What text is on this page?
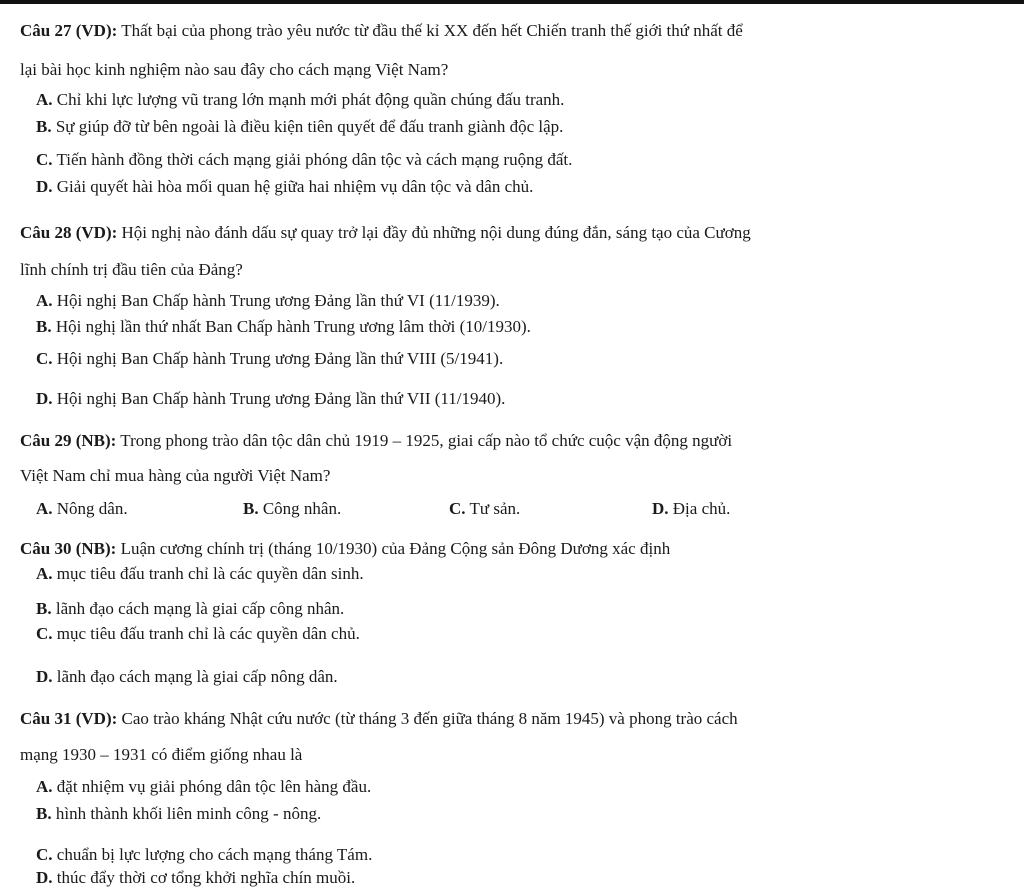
Câu 27 (VD): Thất bại của phong trào yêu nước từ đầu thế kỉ XX đến hết Chiến tranh thế giới thứ nhất để
lại bài học kinh nghiệm nào sau đây cho cách mạng Việt Nam?
A. Chỉ khi lực lượng vũ trang lớn mạnh mới phát động quần chúng đấu tranh.
B. Sự giúp đỡ từ bên ngoài là điều kiện tiên quyết để đấu tranh giành độc lập.
C. Tiến hành đồng thời cách mạng giải phóng dân tộc và cách mạng ruộng đất.
D. Giải quyết hài hòa mối quan hệ giữa hai nhiệm vụ dân tộc và dân chủ.
Câu 28 (VD): Hội nghị nào đánh dấu sự quay trở lại đầy đủ những nội dung đúng đắn, sáng tạo của Cương
lĩnh chính trị đầu tiên của Đảng?
A. Hội nghị Ban Chấp hành Trung ương Đảng lần thứ VI (11/1939).
B. Hội nghị lần thứ nhất Ban Chấp hành Trung ương lâm thời (10/1930).
C. Hội nghị Ban Chấp hành Trung ương Đảng lần thứ VIII (5/1941).
D. Hội nghị Ban Chấp hành Trung ương Đảng lần thứ VII (11/1940).
Câu 29 (NB): Trong phong trào dân tộc dân chủ 1919 – 1925, giai cấp nào tổ chức cuộc vận động người
Việt Nam chỉ mua hàng của người Việt Nam?
A. Nông dân.	B. Công nhân.	C. Tư sản.	D. Địa chủ.
Câu 30 (NB): Luận cương chính trị (tháng 10/1930) của Đảng Cộng sản Đông Dương xác định
A. mục tiêu đấu tranh chỉ là các quyền dân sinh.
B. lãnh đạo cách mạng là giai cấp công nhân.
C. mục tiêu đấu tranh chỉ là các quyền dân chủ.
D. lãnh đạo cách mạng là giai cấp nông dân.
Câu 31 (VD): Cao trào kháng Nhật cứu nước (từ tháng 3 đến giữa tháng 8 năm 1945) và phong trào cách
mạng 1930 – 1931 có điểm giống nhau là
A. đặt nhiệm vụ giải phóng dân tộc lên hàng đầu.
B. hình thành khối liên minh công - nông.
C. chuẩn bị lực lượng cho cách mạng tháng Tám.
D. thúc đẩy thời cơ tổng khởi nghĩa chín muồi.
